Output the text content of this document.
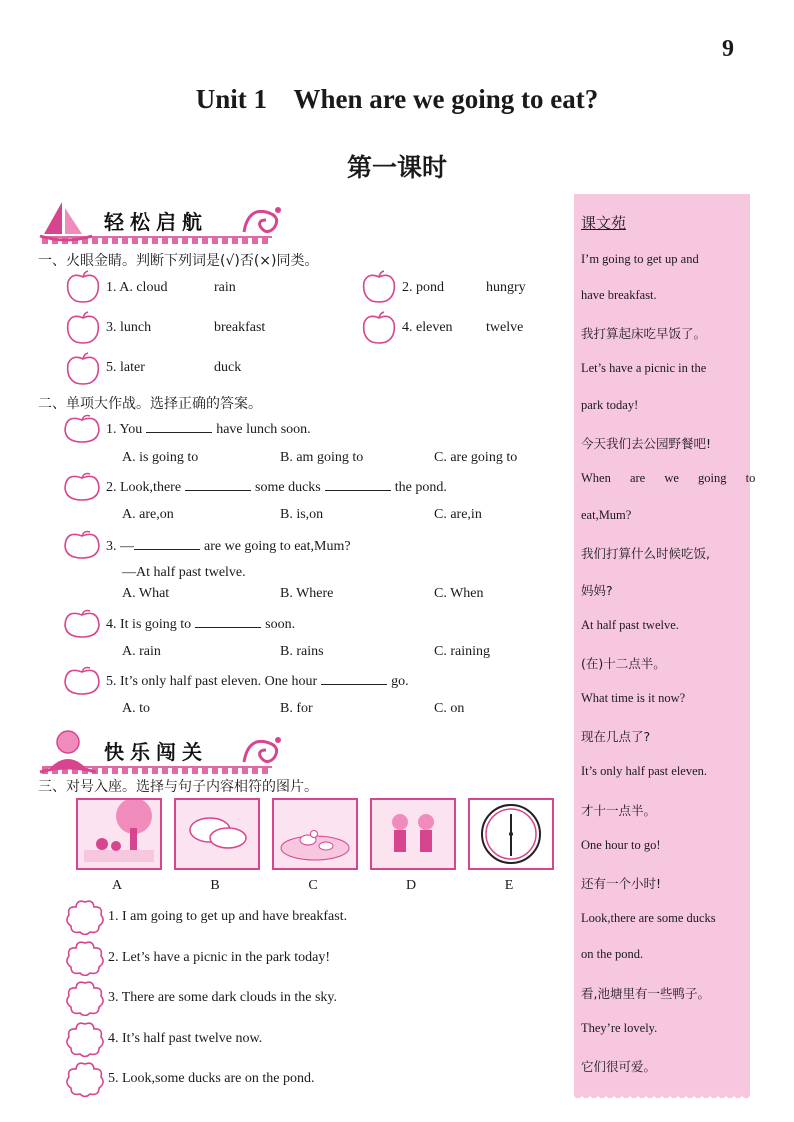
9
Unit 1    When are we going to eat?
第一课时
轻松启航
一、火眼金睛。判断下列词是(√)否(×)同类。
1. A. cloud	rain	2. pond	hungry
3. lunch	breakfast	4. eleven twelve
5. later	duck
二、单项大作战。选择正确的答案。
1. You	have lunch soon.
A. is going to	B. am going to	C. are going to
2. Look,there	some ducks	the pond.
A. are,on	B. is,on	C. are,in
3. —	are we going to eat,Mum?
—At half past twelve.
A. What	B. Where	C. When
4. It is going to	soon.
A. rain	B. rains	C. raining
5. It’s only half past eleven. One hour	go.
A. to	B. for	C. on
快乐闯关
三、对号入座。选择与句子内容相符的图片。
A	B	C	D	E
1. I am going to get up and have breakfast.
2. Let’s have a picnic in the park today!
3. There are some dark clouds in the sky.
4. It’s half past twelve now.
5. Look,some ducks are on the pond.
课文苑
I’m going to get up and
have breakfast.
我打算起床吃早饭了。
Let’s have a picnic in the
park today!
今天我们去公园野餐吧!
When are we going to
eat,Mum?
我们打算什么时候吃饭,
妈妈?
At half past twelve.
(在)十二点半。
What time is it now?
现在几点了?
It’s only half past eleven.
才十一点半。
One hour to go!
还有一个小时!
Look,there are some ducks
on the pond.
看,池塘里有一些鸭子。
They’re lovely.
它们很可爱。
